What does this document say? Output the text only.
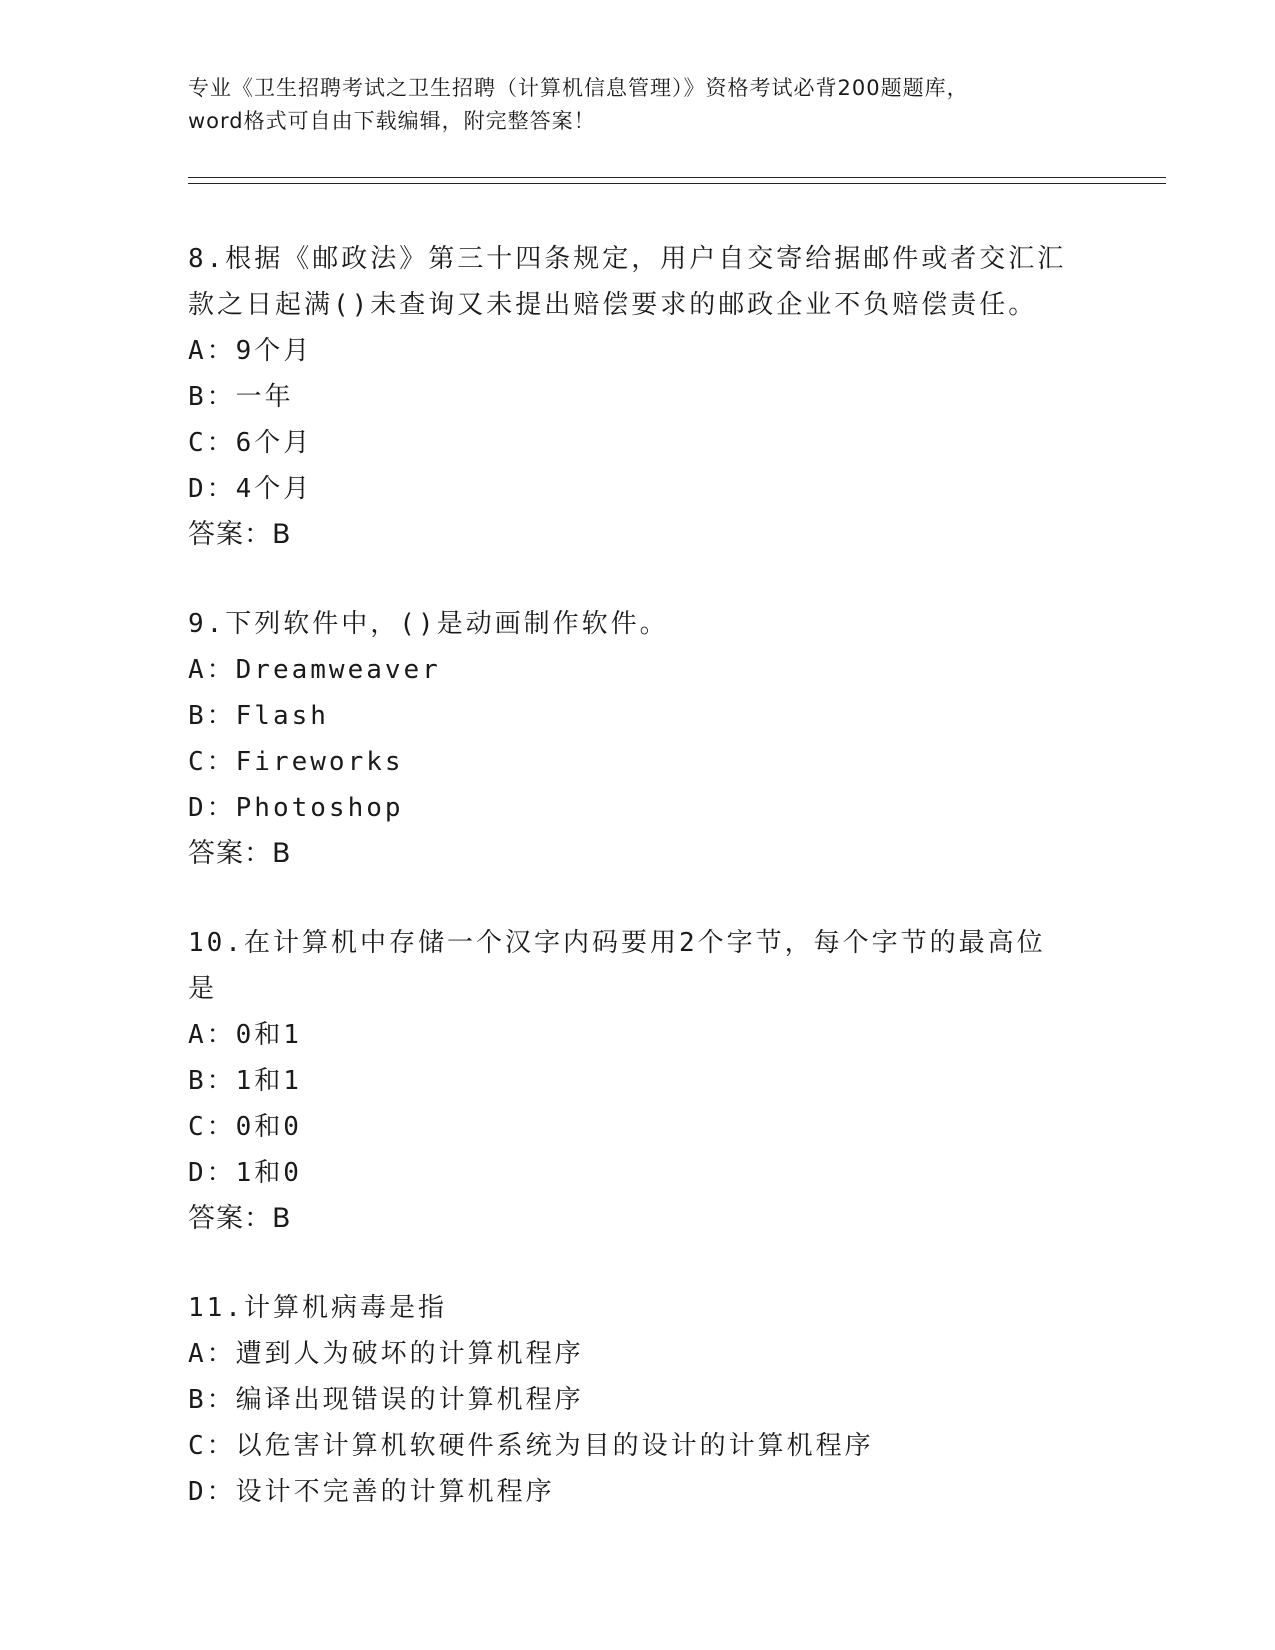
专业《卫生招聘考试之卫生招聘（计算机信息管理）》资格考试必背200题题库，
word格式可自由下载编辑，附完整答案！
8.根据《邮政法》第三十四条规定，用户自交寄给据邮件或者交汇汇款之日起满()未查询又未提出赔偿要求的邮政企业不负赔偿责任。
A：9个月
B：一年
C：6个月
D：4个月
答案：B
9.下列软件中，()是动画制作软件。
A：Dreamweaver
B：Flash
C：Fireworks
D：Photoshop
答案：B
10.在计算机中存储一个汉字内码要用2个字节，每个字节的最高位是
A：0和1
B：1和1
C：0和0
D：1和0
答案：B
11.计算机病毒是指
A：遭到人为破坏的计算机程序
B：编译出现错误的计算机程序
C：以危害计算机软硬件系统为目的设计的计算机程序
D：设计不完善的计算机程序
